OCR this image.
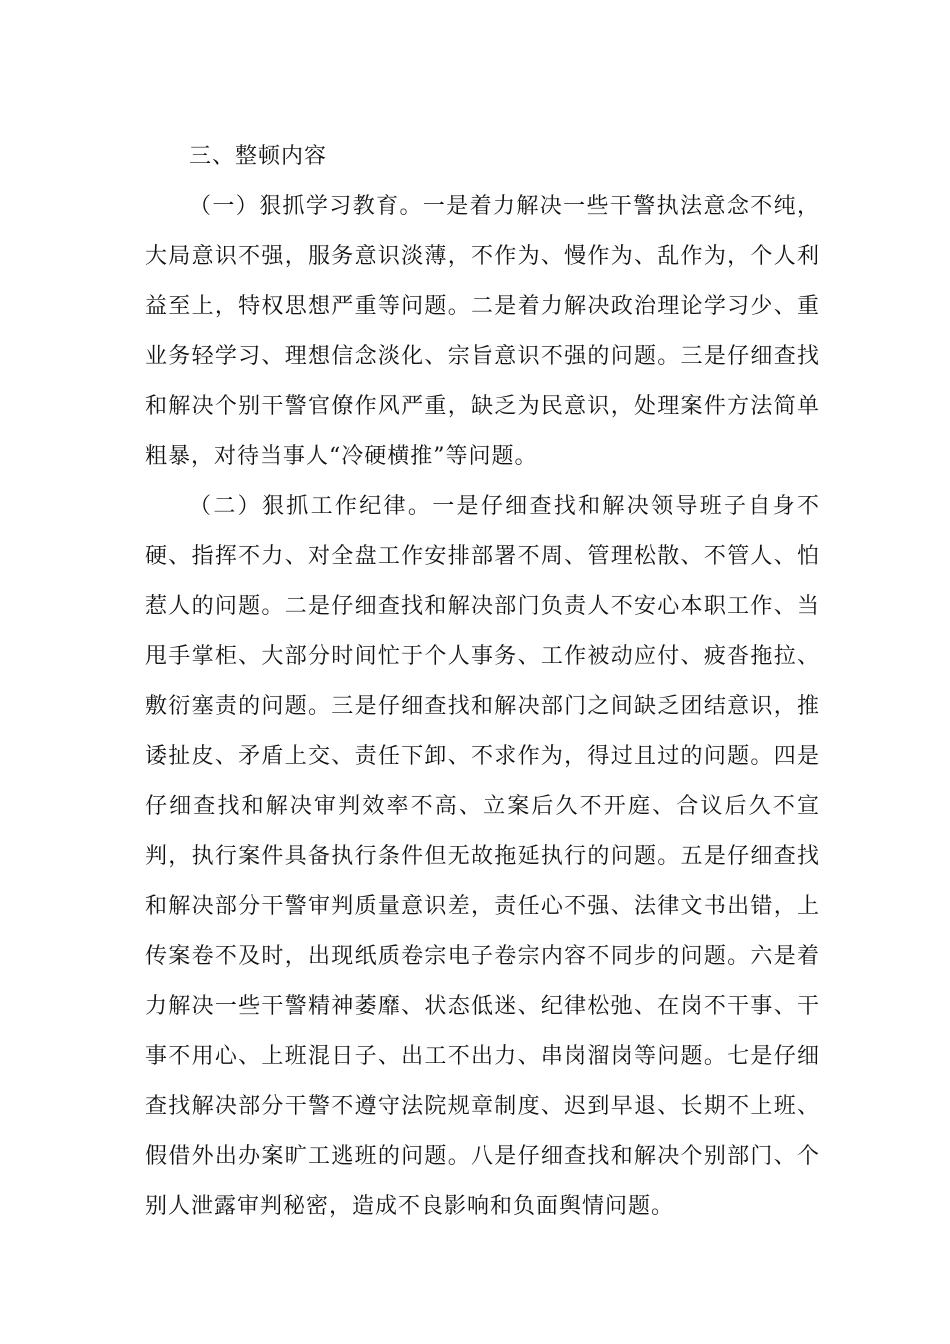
三、整顿内容

（一）狠抓学习教育。一是着力解决一些干警执法意念不纯，大局意识不强，服务意识淡薄，不作为、慢作为、乱作为，个人利益至上，特权思想严重等问题。二是着力解决政治理论学习少、重业务轻学习、理想信念淡化、宗旨意识不强的问题。三是仔细查找和解决个别干警官僚作风严重，缺乏为民意识，处理案件方法简单粗暴，对待当事人“冷硬横推”等问题。

（二）狠抓工作纪律。一是仔细查找和解决领导班子自身不硬、指挥不力、对全盘工作安排部署不周、管理松散、不管人、怕惹人的问题。二是仔细查找和解决部门负责人不安心本职工作、当甩手掌柜、大部分时间忙于个人事务、工作被动应付、疲沓拖拉、敷衍塞责的问题。三是仔细查找和解决部门之间缺乏团结意识，推诿扯皮、矛盾上交、责任下卸、不求作为，得过且过的问题。四是仔细查找和解决审判效率不高、立案后久不开庭、合议后久不宣判，执行案件具备执行条件但无故拖延执行的问题。五是仔细查找和解决部分干警审判质量意识差，责任心不强、法律文书出错，上传案卷不及时，出现纸质卷宗电子卷宗内容不同步的问题。六是着力解决一些干警精神萎靡、状态低迷、纪律松弛、在岗不干事、干事不用心、上班混日子、出工不出力、串岗溜岗等问题。七是仔细查找解决部分干警不遵守法院规章制度、迟到早退、长期不上班、假借外出办案旷工逃班的问题。八是仔细查找和解决个别部门、个别人泄露审判秘密，造成不良影响和负面舆情问题。
